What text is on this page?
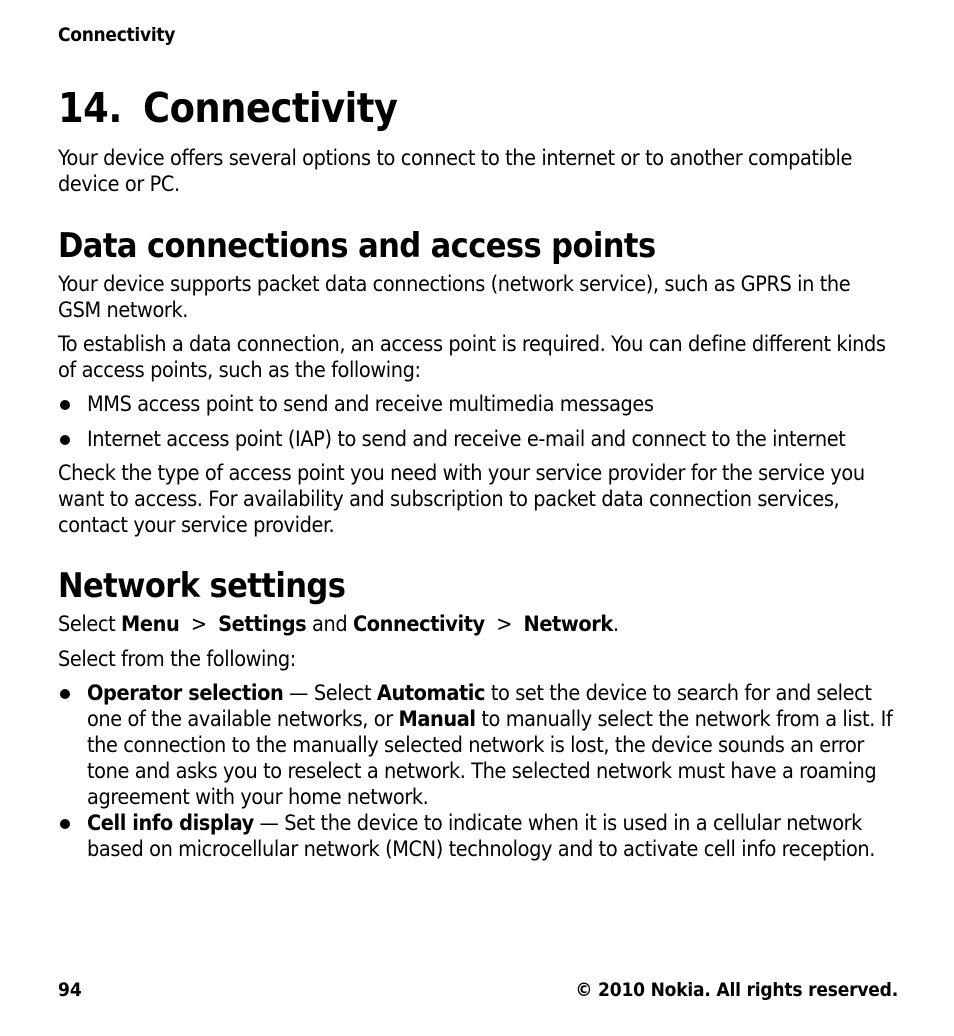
Connectivity
14. Connectivity

Your device offers several options to connect to the internet or to another compatible device or PC.

Data connections and access points

Your device supports packet data connections (network service), such as GPRS in the GSM network.

To establish a data connection, an access point is required. You can define different kinds of access points, such as the following:

MMS access point to send and receive multimedia messages
Internet access point (IAP) to send and receive e-mail and connect to the internet

Check the type of access point you need with your service provider for the service you want to access. For availability and subscription to packet data connection services, contact your service provider.

Network settings

Select Menu > Settings and Connectivity > Network.

Select from the following:

Operator selection — Select Automatic to set the device to search for and select one of the available networks, or Manual to manually select the network from a list. If the connection to the manually selected network is lost, the device sounds an error tone and asks you to reselect a network. The selected network must have a roaming agreement with your home network.
Cell info display — Set the device to indicate when it is used in a cellular network based on microcellular network (MCN) technology and to activate cell info reception.
94	© 2010 Nokia. All rights reserved.
